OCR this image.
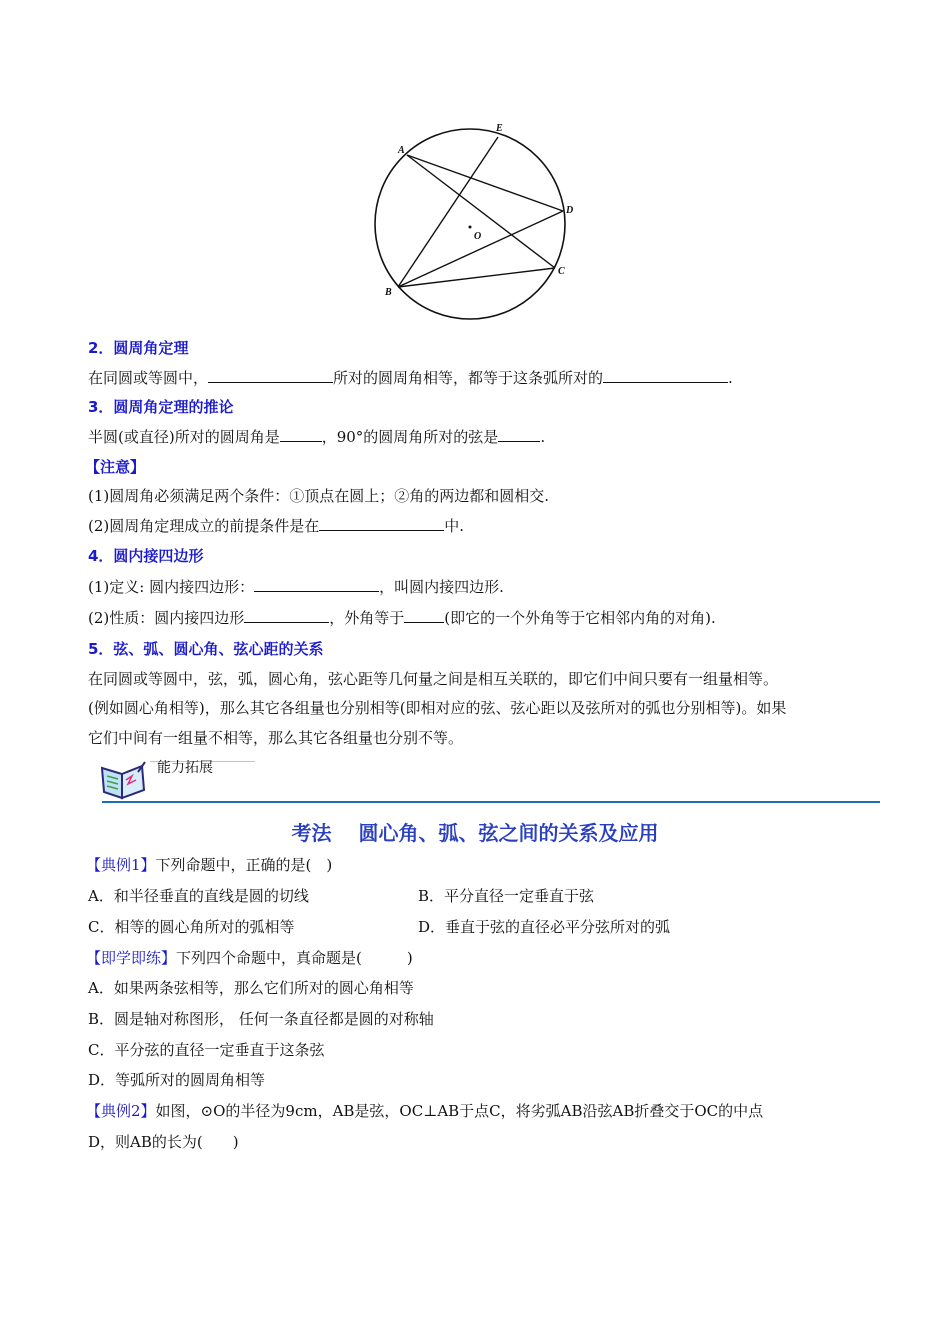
A
E
D
C
B
O
2．圆周角定理
在同圆或等圆中，	所对的圆周角相等，都等于这条弧所对的	.
3．圆周角定理的推论
半圆(或直径)所对的圆周角是	，90°的圆周角所对的弦是	.
【注意】
(1)圆周角必须满足两个条件：①顶点在圆上；②角的两边都和圆相交.
(2)圆周角定理成立的前提条件是在	中.
4．圆内接四边形
(1)定义: 圆内接四边形：	，叫圆内接四边形.
(2)性质：圆内接四边形	，外角等于	(即它的一个外角等于它相邻内角的对角).
5．弦、弧、圆心角、弦心距的关系
在同圆或等圆中，弦，弧，圆心角，弦心距等几何量之间是相互关联的，即它们中间只要有一组量相等。
(例如圆心角相等)，那么其它各组量也分别相等(即相对应的弦、弦心距以及弦所对的弧也分别相等)。如果
它们中间有一组量不相等，那么其它各组量也分别不等。
能力拓展
考法　 圆心角、弧、弦之间的关系及应用
【典例1】下列命题中，正确的是(　)
A．和半径垂直的直线是圆的切线	B．平分直径一定垂直于弦
C．相等的圆心角所对的弧相等	D．垂直于弦的直径必平分弦所对的弧
【即学即练】下列四个命题中，真命题是(　　　)
A．如果两条弦相等，那么它们所对的圆心角相等
B．圆是轴对称图形， 任何一条直径都是圆的对称轴
C．平分弦的直径一定垂直于这条弦
D．等弧所对的圆周角相等
【典例2】如图，⊙O的半径为9cm，AB是弦，OC⊥AB于点C，将劣弧AB沿弦AB折叠交于OC的中点
D，则AB的长为(　　)
